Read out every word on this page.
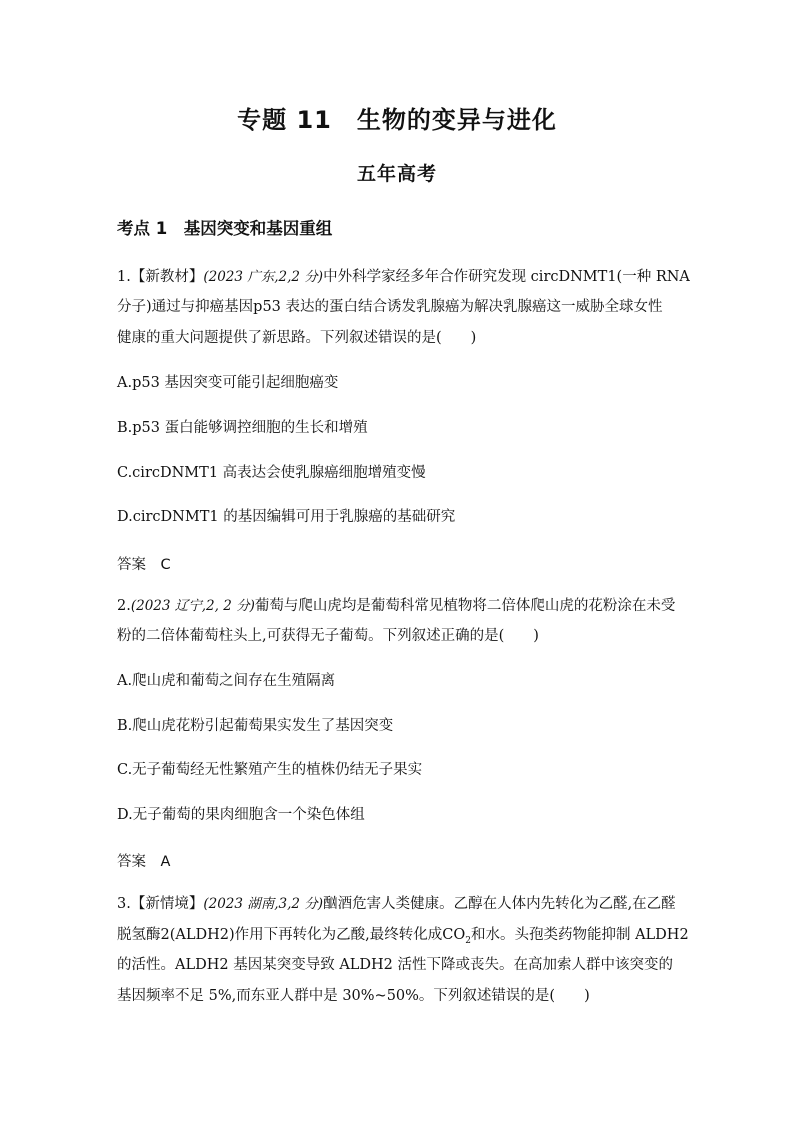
专题 11　生物的变异与进化
五年高考
考点 1　基因突变和基因重组
1.【新教材】(2023 广东,2,2 分)中外科学家经多年合作研究发现 circDNMT1(一种 RNA
分子)通过与抑癌基因p53 表达的蛋白结合诱发乳腺癌为解决乳腺癌这一威胁全球女性
健康的重大问题提供了新思路。下列叙述错误的是(　　)
A.p53 基因突变可能引起细胞癌变
B.p53 蛋白能够调控细胞的生长和增殖
C.circDNMT1 高表达会使乳腺癌细胞增殖变慢
D.circDNMT1 的基因编辑可用于乳腺癌的基础研究
答案　C
2.(2023 辽宁,2, 2 分)葡萄与爬山虎均是葡萄科常见植物将二倍体爬山虎的花粉涂在未受
粉的二倍体葡萄柱头上,可获得无子葡萄。下列叙述正确的是(　　)
A.爬山虎和葡萄之间存在生殖隔离
B.爬山虎花粉引起葡萄果实发生了基因突变
C.无子葡萄经无性繁殖产生的植株仍结无子果实
D.无子葡萄的果肉细胞含一个染色体组
答案　A
3.【新情境】(2023 湖南,3,2 分)酗酒危害人类健康。乙醇在人体内先转化为乙醛,在乙醛
脱氢酶2(ALDH2)作用下再转化为乙酸,最终转化成$CO_2$和水。头孢类药物能抑制 ALDH2
的活性。ALDH2 基因某突变导致 ALDH2 活性下降或丧失。在高加索人群中该突变的
基因频率不足 5%,而东亚人群中是 30%~50%。下列叙述错误的是(　　)
